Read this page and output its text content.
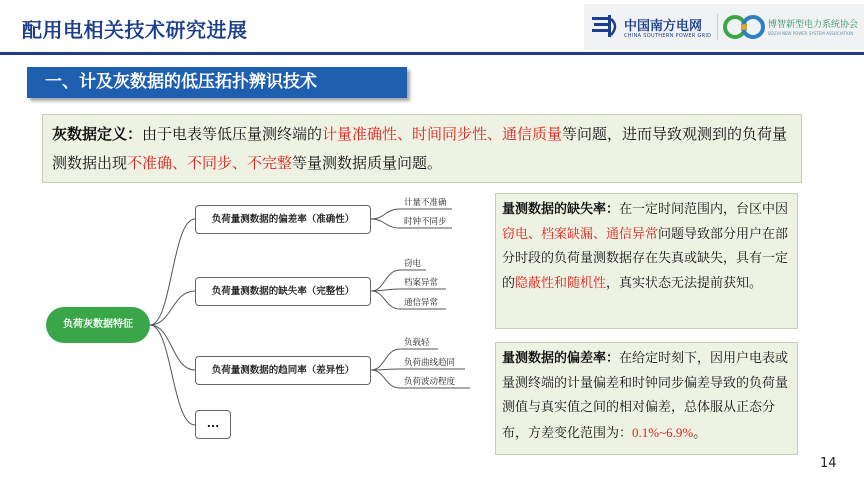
配用电相关技术研究进展	中国南方电网
CHINA SOUTHERN POWER GRID
博智新型电力系统协会
BOZHI NEW POWER SYSTEM ASSOCIATION
一、计及灰数据的低压拓扑辨识技术
灰数据定义：由于电表等低压量测终端的计量准确性、时间同步性、通信质量等问题，进而导致观测到的负荷量测数据出现不准确、不同步、不完整等量测数据质量问题。
负荷灰数据特征
负荷量测数据的偏差率（准确性）
负荷量测数据的缺失率（完整性）
负荷量测数据的趋同率（差异性）
...
计量不准确
时钟不同步
窃电
档案异常
通信异常
负载轻
负荷曲线趋同
负荷波动程度
量测数据的缺失率：在一定时间范围内，台区中因窃电、档案缺漏、通信异常问题导致部分用户在部分时段的负荷量测数据存在失真或缺失，具有一定的隐蔽性和随机性，真实状态无法提前获知。
量测数据的偏差率：在给定时刻下，因用户电表或量测终端的计量偏差和时钟同步偏差导致的负荷量测值与真实值之间的相对偏差，总体服从正态分布，方差变化范围为：0.1%~6.9%。
14
